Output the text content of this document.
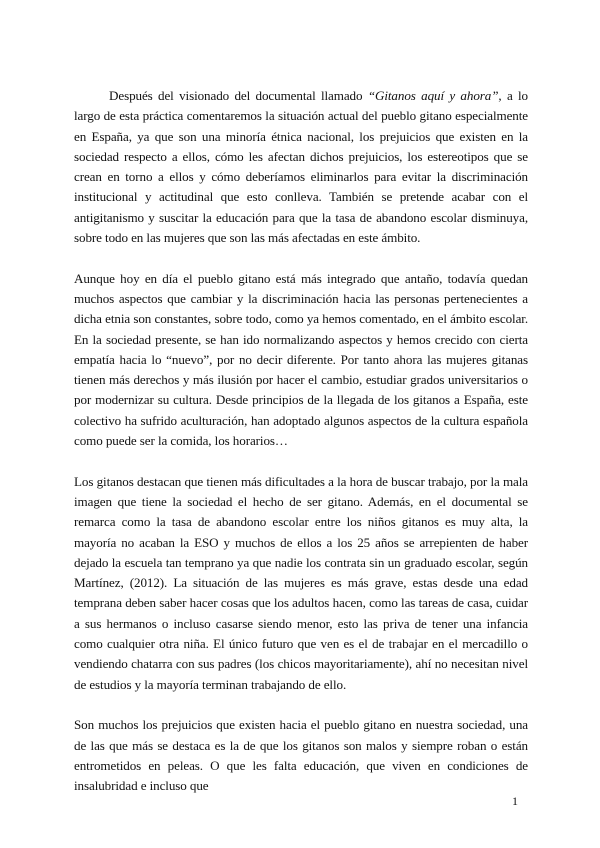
Después del visionado del documental llamado “Gitanos aquí y ahora”, a lo largo de esta práctica comentaremos la situación actual del pueblo gitano especialmente en España, ya que son una minoría étnica nacional, los prejuicios que existen en la sociedad respecto a ellos, cómo les afectan dichos prejuicios, los estereotipos que se crean en torno a ellos y cómo deberíamos eliminarlos para evitar la discriminación institucional y actitudinal que esto conlleva. También se pretende acabar con el antigitanismo y suscitar la educación para que la tasa de abandono escolar disminuya, sobre todo en las mujeres que son las más afectadas en este ámbito.

Aunque hoy en día el pueblo gitano está más integrado que antaño, todavía quedan muchos aspectos que cambiar y la discriminación hacia las personas pertenecientes a dicha etnia son constantes, sobre todo, como ya hemos comentado, en el ámbito escolar. En la sociedad presente, se han ido normalizando aspectos y hemos crecido con cierta empatía hacia lo “nuevo”, por no decir diferente. Por tanto ahora las mujeres gitanas tienen más derechos y más ilusión por hacer el cambio, estudiar grados universitarios o por modernizar su cultura. Desde principios de la llegada de los gitanos a España, este colectivo ha sufrido aculturación, han adoptado algunos aspectos de la cultura española como puede ser la comida, los horarios…

Los gitanos destacan que tienen más dificultades a la hora de buscar trabajo, por la mala imagen que tiene la sociedad el hecho de ser gitano. Además, en el documental se remarca como la tasa de abandono escolar entre los niños gitanos es muy alta, la mayoría no acaban la ESO y muchos de ellos a los 25 años se arrepienten de haber dejado la escuela tan temprano ya que nadie los contrata sin un graduado escolar, según Martínez, (2012). La situación de las mujeres es más grave, estas desde una edad temprana deben saber hacer cosas que los adultos hacen, como las tareas de casa, cuidar a sus hermanos o incluso casarse siendo menor, esto las priva de tener una infancia como cualquier otra niña. El único futuro que ven es el de trabajar en el mercadillo o vendiendo chatarra con sus padres (los chicos mayoritariamente), ahí no necesitan nivel de estudios y la mayoría terminan trabajando de ello.

Son muchos los prejuicios que existen hacia el pueblo gitano en nuestra sociedad, una de las que más se destaca es la de que los gitanos son malos y siempre roban o están entrometidos en peleas. O que les falta educación, que viven en condiciones de insalubridad e incluso que

1
